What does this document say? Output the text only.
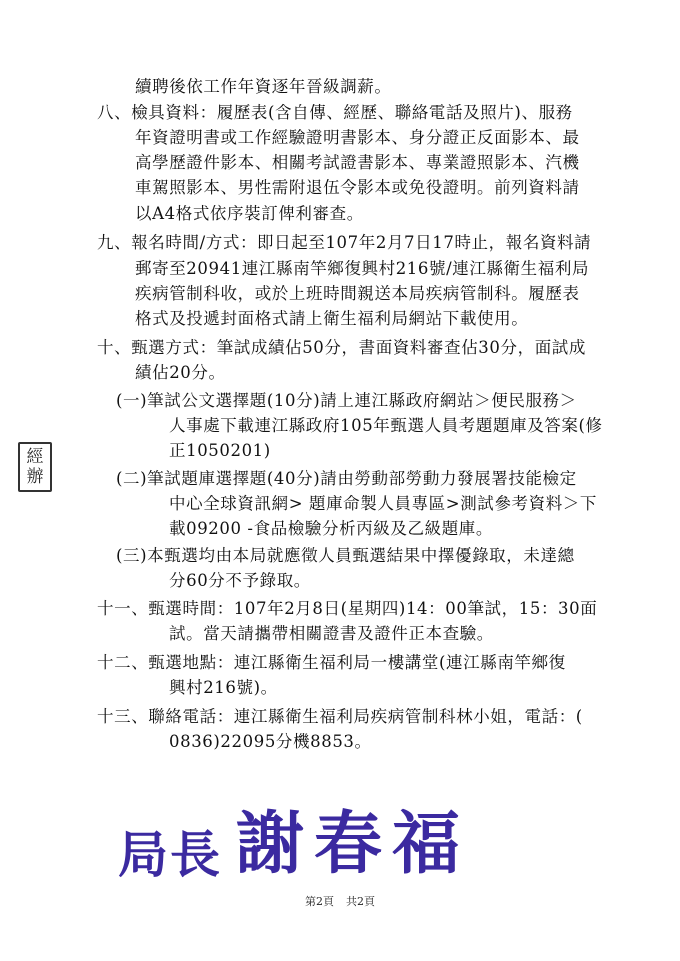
續聘後依工作年資逐年晉級調薪。
八、檢具資料：履歷表(含自傳、經歷、聯絡電話及照片)、服務
年資證明書或工作經驗證明書影本、身分證正反面影本、最
高學歷證件影本、相關考試證書影本、專業證照影本、汽機
車駕照影本、男性需附退伍令影本或免役證明。前列資料請
以A4格式依序裝訂俾利審查。
九、報名時間/方式：即日起至107年2月7日17時止，報名資料請
郵寄至20941連江縣南竿鄉復興村216號/連江縣衛生福利局
疾病管制科收，或於上班時間親送本局疾病管制科。履歷表
格式及投遞封面格式請上衛生福利局網站下載使用。
十、甄選方式：筆試成績佔50分，書面資料審查佔30分，面試成
績佔20分。
(一)筆試公文選擇題(10分)請上連江縣政府網站＞便民服務＞
人事處下載連江縣政府105年甄選人員考題題庫及答案(修
正1050201)
(二)筆試題庫選擇題(40分)請由勞動部勞動力發展署技能檢定
中心全球資訊網> 題庫命製人員專區>測試參考資料＞下
載09200 -食品檢驗分析丙級及乙級題庫。
(三)本甄選均由本局就應徵人員甄選結果中擇優錄取，未達總
分60分不予錄取。
十一、甄選時間：107年2月8日(星期四)14：00筆試，15：30面
試。當天請攜帶相關證書及證件正本查驗。
十二、甄選地點：連江縣衛生福利局一樓講堂(連江縣南竿鄉復
興村216號)。
十三、聯絡電話：連江縣衛生福利局疾病管制科林小姐，電話：(
0836)22095分機8853。
經
辦
局長 謝春福
第2頁 共2頁
